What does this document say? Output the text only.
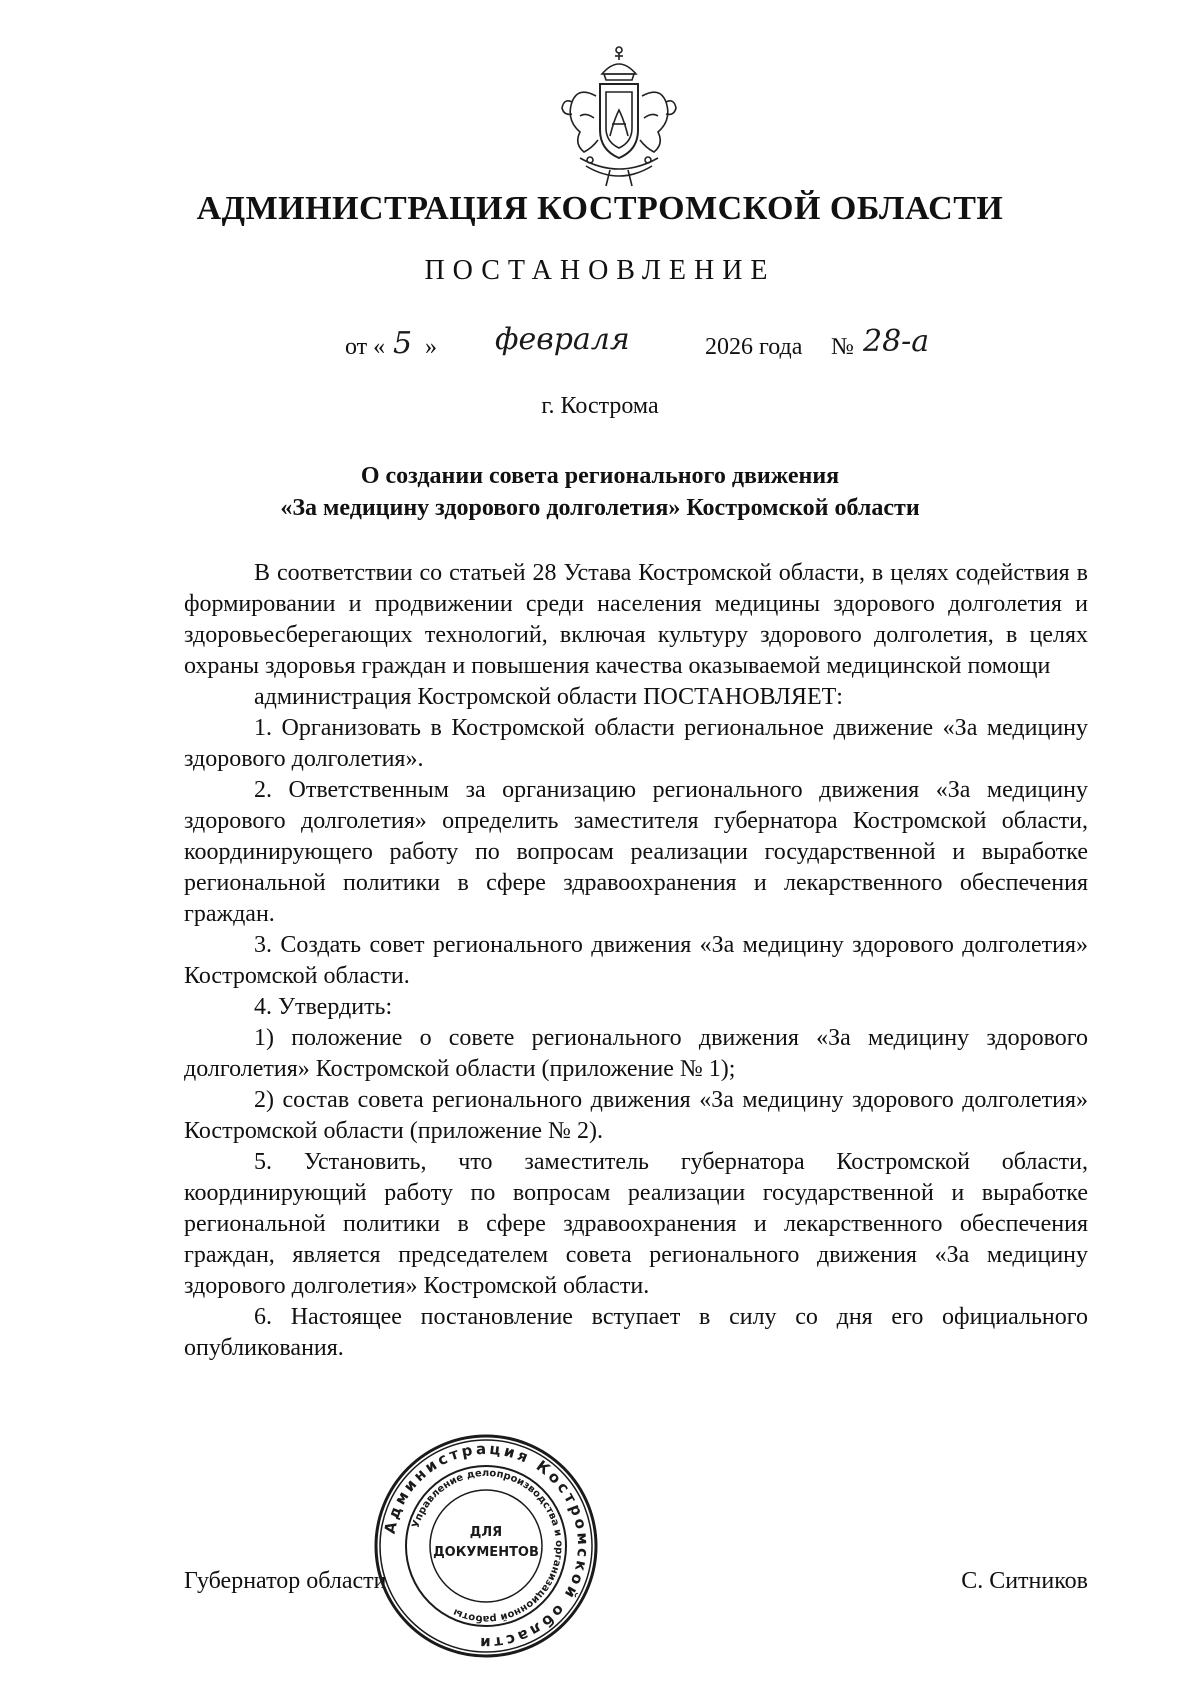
АДМИНИСТРАЦИЯ КОСТРОМСКОЙ ОБЛАСТИ
ПОСТАНОВЛЕНИЕ
от « 5 » февраля	2026 года № 28-а
г. Кострома
О создании совета регионального движения
«За медицину здорового долголетия» Костромской области

В соответствии со статьей 28 Устава Костромской области, в целях содействия в формировании и продвижении среди населения медицины здорового долголетия и здоровьесберегающих технологий, включая культуру здорового долголетия, в целях охраны здоровья граждан и повышения качества оказываемой медицинской помощи

администрация Костромской области ПОСТАНОВЛЯЕТ:

1. Организовать в Костромской области региональное движение «За медицину здорового долголетия».

2. Ответственным за организацию регионального движения «За медицину здорового долголетия» определить заместителя губернатора Костромской области, координирующего работу по вопросам реализации государственной и выработке региональной политики в сфере здравоохранения и лекарственного обеспечения граждан.

3. Создать совет регионального движения «За медицину здорового долголетия» Костромской области.

4. Утвердить:

1) положение о совете регионального движения «За медицину здорового долголетия» Костромской области (приложение № 1);

2) состав совета регионального движения «За медицину здорового долголетия» Костромской области (приложение № 2).

5. Установить, что заместитель губернатора Костромской области, координирующий работу по вопросам реализации государственной и выработке региональной политики в сфере здравоохранения и лекарственного обеспечения граждан, является председателем совета регионального движения «За медицину здорового долголетия» Костромской области.

6. Настоящее постановление вступает в силу со дня его официального опубликования.

Губернатор области	С. Ситников
Администрация Костромской области
Управление делопроизводства и организационной работы
ДЛЯ
ДОКУМЕНТОВ
